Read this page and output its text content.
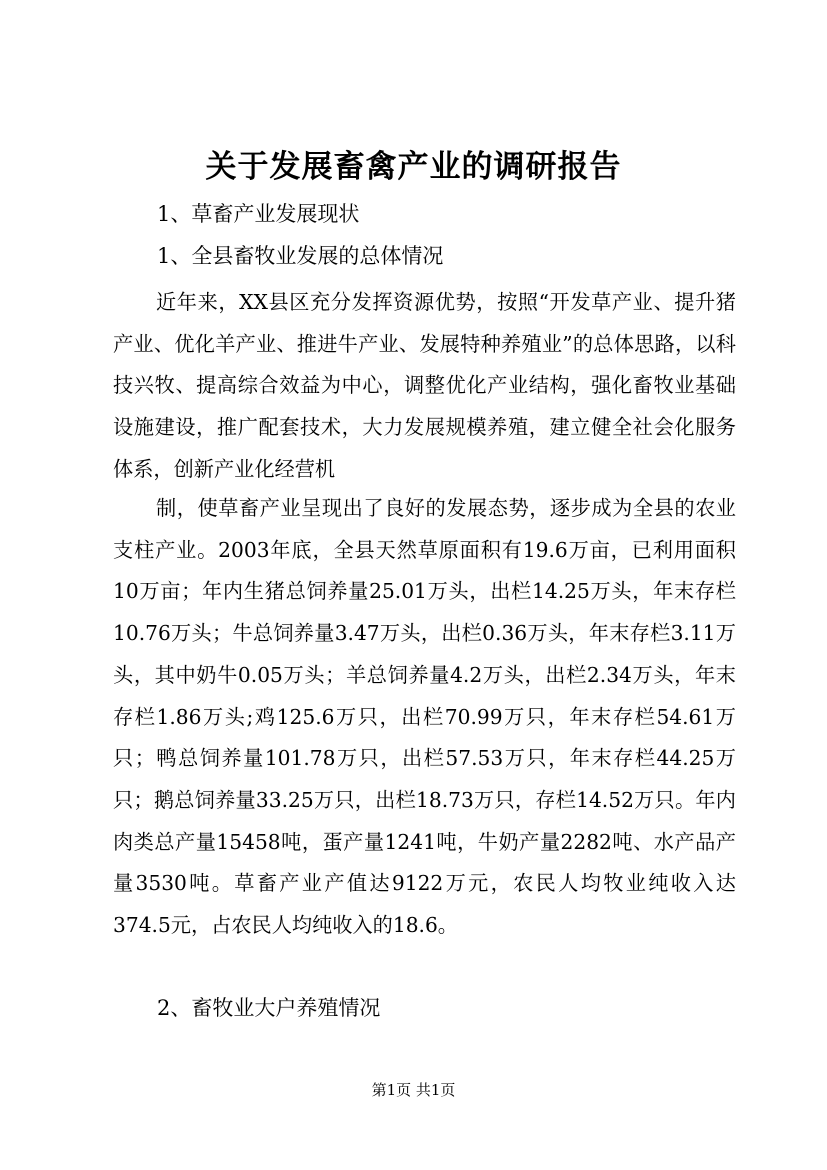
关于发展畜禽产业的调研报告
1、草畜产业发展现状
1、全县畜牧业发展的总体情况
近年来，XX县区充分发挥资源优势，按照“开发草产业、提升猪产业、优化羊产业、推进牛产业、发展特种养殖业”的总体思路，以科技兴牧、提高综合效益为中心，调整优化产业结构，强化畜牧业基础设施建设，推广配套技术，大力发展规模养殖，建立健全社会化服务体系，创新产业化经营机
制，使草畜产业呈现出了良好的发展态势，逐步成为全县的农业支柱产业。2003年底，全县天然草原面积有19.6万亩，已利用面积10万亩；年内生猪总饲养量25.01万头，出栏14.25万头，年末存栏10.76万头；牛总饲养量3.47万头，出栏0.36万头，年末存栏3.11万头，其中奶牛0.05万头；羊总饲养量4.2万头，出栏2.34万头，年末存栏1.86万头;鸡125.6万只，出栏70.99万只，年末存栏54.61万只；鸭总饲养量101.78万只，出栏57.53万只，年末存栏44.25万只；鹅总饲养量33.25万只，出栏18.73万只，存栏14.52万只。年内肉类总产量15458吨，蛋产量1241吨，牛奶产量2282吨、水产品产量3530吨。草畜产业产值达9122万元，农民人均牧业纯收入达374.5元，占农民人均纯收入的18.6。
2、畜牧业大户养殖情况
第1页 共1页
